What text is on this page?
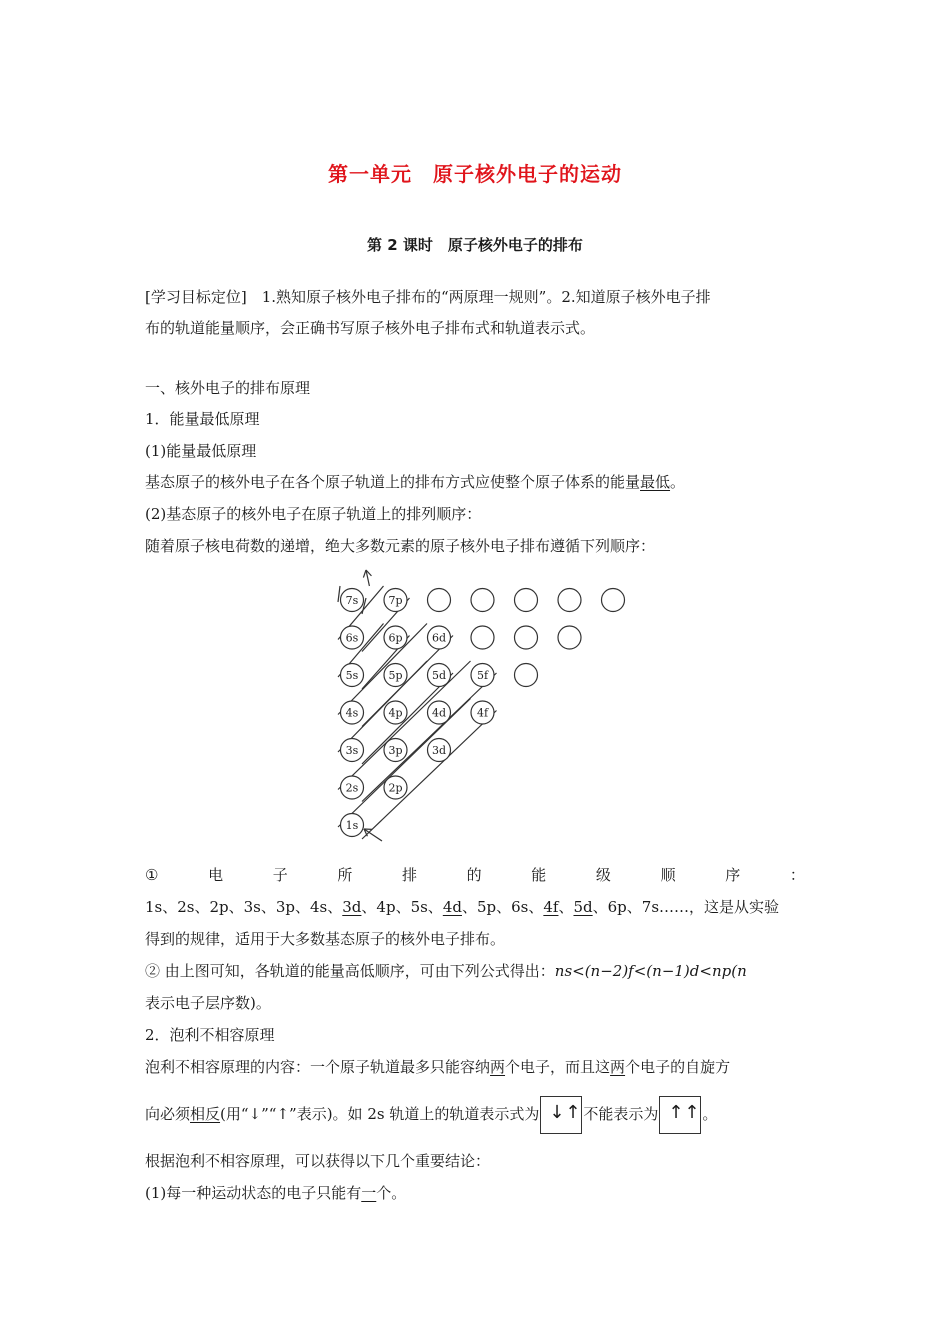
第一单元　原子核外电子的运动
第 2 课时　原子核外电子的排布
[学习目标定位]　1.熟知原子核外电子排布的“两原理一规则”。2.知道原子核外电子排
布的轨道能量顺序，会正确书写原子核外电子排布式和轨道表示式。
一、核外电子的排布原理
1．能量最低原理
(1)能量最低原理
基态原子的核外电子在各个原子轨道上的排布方式应使整个原子体系的能量最低。
(2)基态原子的核外电子在原子轨道上的排列顺序：
随着原子核电荷数的递增，绝大多数元素的原子核外电子排布遵循下列顺序：
7s	7p
6s	6p	6d
5s	5p	5d	5f
4s	4p	4d	4f
3s	3p	3d
2s	2p
1s
①	电	子	所	排	的	能	级	顺	序	：
1s、2s、2p、3s、3p、4s、3d、4p、5s、4d、5p、6s、4f、5d、6p、7s……，这是从实验
得到的规律，适用于大多数基态原子的核外电子排布。
② 由上图可知，各轨道的能量高低顺序，可由下列公式得出：ns<(n−2)f<(n−1)d<np(n
表示电子层序数)。
2．泡利不相容原理
泡利不相容原理的内容：一个原子轨道最多只能容纳两个电子，而且这两个电子的自旋方
向必须相反(用“↓”“↑”表示)。如 2s 轨道上的轨道表示式为 ↓ ↑ 不能表示为 ↑ ↑ 。
根据泡利不相容原理，可以获得以下几个重要结论：
(1)每一种运动状态的电子只能有一个。
